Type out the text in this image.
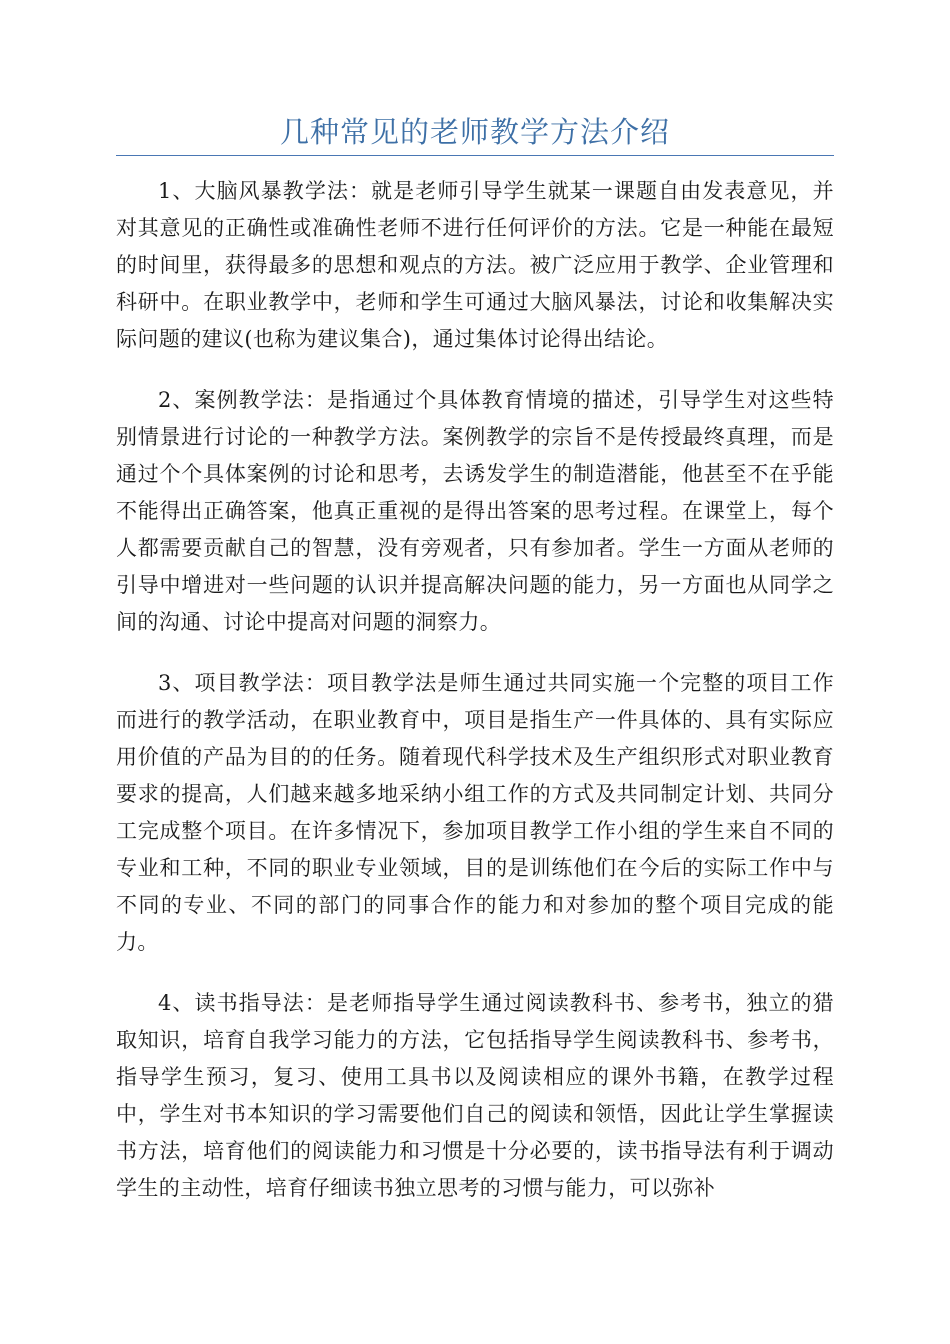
几种常见的老师教学方法介绍

1、大脑风暴教学法：就是老师引导学生就某一课题自由发表意见，并对其意见的正确性或准确性老师不进行任何评价的方法。它是一种能在最短的时间里，获得最多的思想和观点的方法。被广泛应用于教学、企业管理和科研中。在职业教学中，老师和学生可通过大脑风暴法，讨论和收集解决实际问题的建议(也称为建议集合)，通过集体讨论得出结论。

2、案例教学法：是指通过个具体教育情境的描述，引导学生对这些特别情景进行讨论的一种教学方法。案例教学的宗旨不是传授最终真理，而是通过个个具体案例的讨论和思考，去诱发学生的制造潜能，他甚至不在乎能不能得出正确答案，他真正重视的是得出答案的思考过程。在课堂上，每个人都需要贡献自己的智慧，没有旁观者，只有参加者。学生一方面从老师的引导中增进对一些问题的认识并提高解决问题的能力，另一方面也从同学之间的沟通、讨论中提高对问题的洞察力。

3、项目教学法：项目教学法是师生通过共同实施一个完整的项目工作而进行的教学活动，在职业教育中，项目是指生产一件具体的、具有实际应用价值的产品为目的的任务。随着现代科学技术及生产组织形式对职业教育要求的提高，人们越来越多地采纳小组工作的方式及共同制定计划、共同分工完成整个项目。在许多情况下，参加项目教学工作小组的学生来自不同的专业和工种，不同的职业专业领域，目的是训练他们在今后的实际工作中与不同的专业、不同的部门的同事合作的能力和对参加的整个项目完成的能力。

4、读书指导法：是老师指导学生通过阅读教科书、参考书，独立的猎取知识，培育自我学习能力的方法，它包括指导学生阅读教科书、参考书，指导学生预习，复习、使用工具书以及阅读相应的课外书籍，在教学过程中，学生对书本知识的学习需要他们自己的阅读和领悟，因此让学生掌握读书方法，培育他们的阅读能力和习惯是十分必要的，读书指导法有利于调动学生的主动性，培育仔细读书独立思考的习惯与能力，可以弥补
